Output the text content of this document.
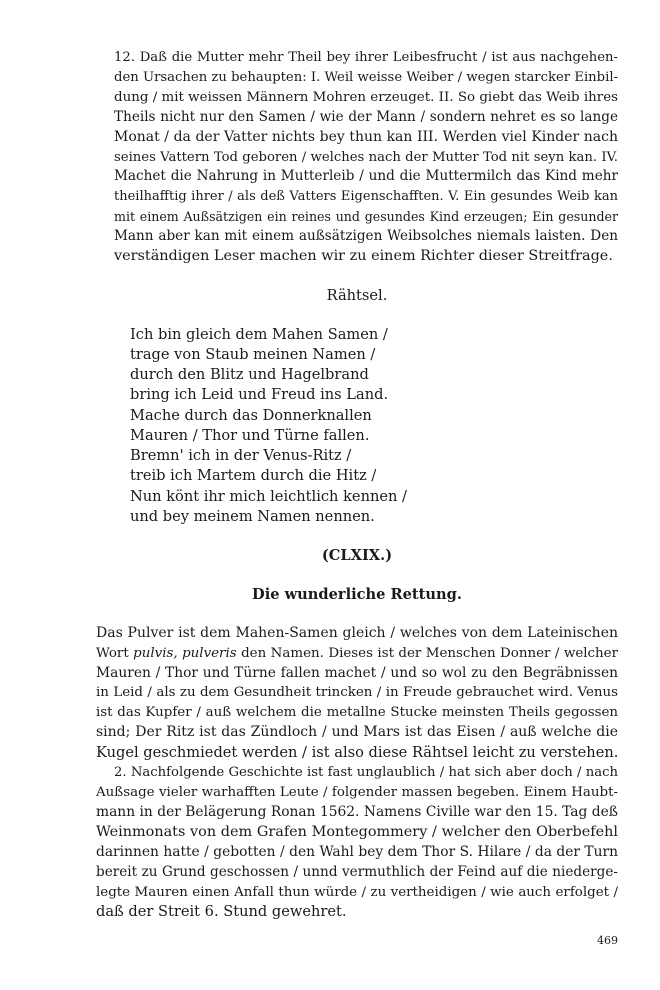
12. Daß die Mutter mehr Theil bey ihrer Leibesfrucht / ist aus nachgehen-
den Ursachen zu behaupten: I. Weil weisse Weiber / wegen starcker Einbil-
dung / mit weissen Männern Mohren erzeuget. II. So giebt das Weib ihres
Theils nicht nur den Samen / wie der Mann / sondern nehret es so lange
Monat / da der Vatter nichts bey thun kan III. Werden viel Kinder nach
seines Vattern Tod geboren / welches nach der Mutter Tod nit seyn kan. IV.
Machet die Nahrung in Mutterleib / und die Muttermilch das Kind mehr
theilhafftig ihrer / als deß Vatters Eigenschafften. V. Ein gesundes Weib kan
mit einem Außsätzigen ein reines und gesundes Kind erzeugen; Ein gesunder
Mann aber kan mit einem außsätzigen Weibsolches niemals laisten. Den
verständigen Leser machen wir zu einem Richter dieser Streitfrage.

Rähtsel.

Ich bin gleich dem Mahen Samen /
trage von Staub meinen Namen /
durch den Blitz und Hagelbrand
bring ich Leid und Freud ins Land.
Mache durch das Donnerknallen
Mauren / Thor und Türne fallen.
Bremn' ich in der Venus-Ritz /
treib ich Martem durch die Hitz /
Nun könt ihr mich leichtlich kennen /
und bey meinem Namen nennen.

(CLXIX.)

Die wunderliche Rettung.

Das Pulver ist dem Mahen-Samen gleich / welches von dem Lateinischen
Wort pulvis, pulveris den Namen. Dieses ist der Menschen Donner / welcher
Mauren / Thor und Türne fallen machet / und so wol zu den Begräbnissen
in Leid / als zu dem Gesundheit trincken / in Freude gebrauchet wird. Venus
ist das Kupfer / auß welchem die metallne Stucke meinsten Theils gegossen
sind; Der Ritz ist das Zündloch / und Mars ist das Eisen / auß welche die
Kugel geschmiedet werden / ist also diese Rähtsel leicht zu verstehen.
2. Nachfolgende Geschichte ist fast unglaublich / hat sich aber doch / nach
Außsage vieler warhafften Leute / folgender massen begeben. Einem Haubt-
mann in der Belägerung Ronan 1562. Namens Civille war den 15. Tag deß
Weinmonats von dem Grafen Montegommery / welcher den Oberbefehl
darinnen hatte / gebotten / den Wahl bey dem Thor S. Hilare / da der Turn
bereit zu Grund geschossen / unnd vermuthlich der Feind auf die niederge-
legte Mauren einen Anfall thun würde / zu vertheidigen / wie auch erfolget /
daß der Streit 6. Stund gewehret.
469
